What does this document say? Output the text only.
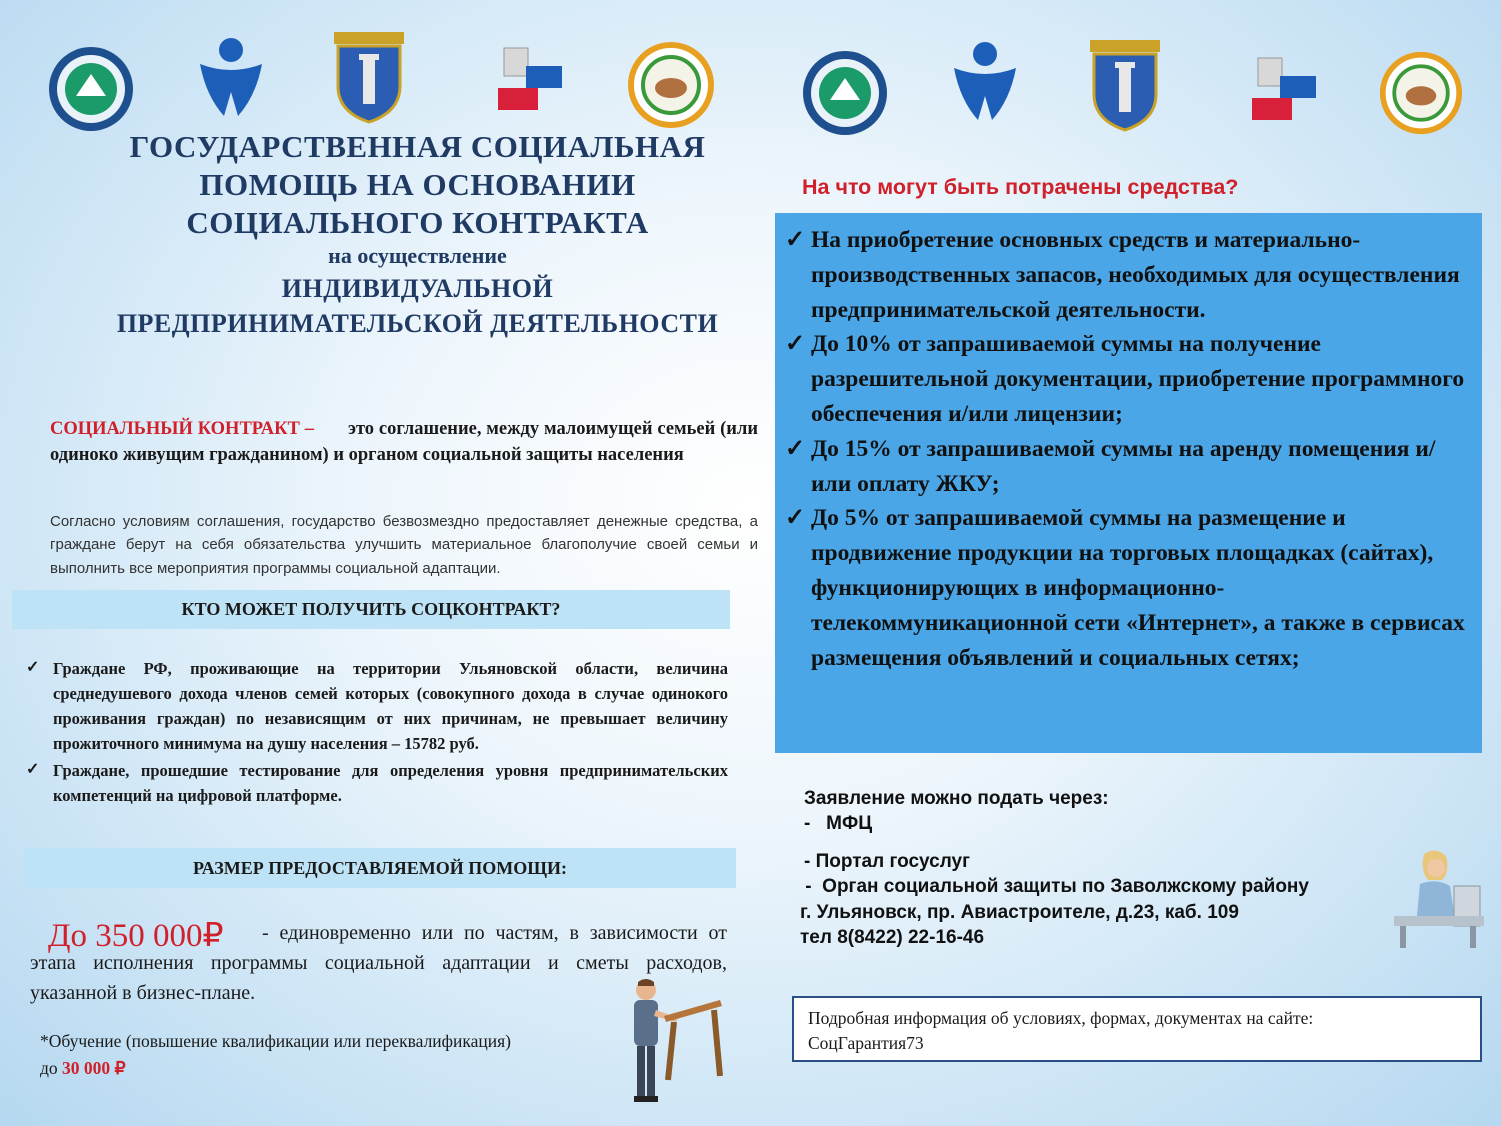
ГОСУДАРСТВЕННАЯ СОЦИАЛЬНАЯ
ПОМОЩЬ НА ОСНОВАНИИ
СОЦИАЛЬНОГО КОНТРАКТА
на осуществление
ИНДИВИДУАЛЬНОЙ
ПРЕДПРИНИМАТЕЛЬСКОЙ ДЕЯТЕЛЬНОСТИ
СОЦИАЛЬНЫЙ КОНТРАКТ – это соглашение, между малоимущей семьей (или одиноко живущим гражданином) и органом социальной защиты населения
Согласно условиям соглашения, государство безвозмездно предоставляет денежные средства, а граждане берут на себя обязательства улучшить материальное благополучие своей семьи и выполнить все мероприятия программы социальной адаптации.
КТО МОЖЕТ ПОЛУЧИТЬ СОЦКОНТРАКТ?
✓ Граждане РФ, проживающие на территории Ульяновской области, величина среднедушевого дохода членов семей которых (совокупного дохода в случае одинокого проживания граждан) по независящим от них причинам, не превышает величину прожиточного минимума на душу населения – 15782 руб.
✓ Граждане, прошедшие тестирование для определения уровня предпринимательских компетенций на цифровой платформе.
РАЗМЕР ПРЕДОСТАВЛЯЕМОЙ ПОМОЩИ:
- единовременно или по частям, в зависимости от этапа исполнения программы социальной адаптации и сметы расходов, указанной в бизнес-плане.
До 350 000₽
*Обучение (повышение квалификации или переквалификация)
до 30 000 ₽
На что могут быть потрачены средства?
✓ На приобретение основных средств и материально-производственных запасов, необходимых для осуществления предпринимательской деятельности.
✓ До 10% от запрашиваемой суммы на получение разрешительной документации, приобретение программного обеспечения и/или лицензии;
✓ До 15% от запрашиваемой суммы на аренду помещения и/или оплату ЖКУ;
✓ До 5% от запрашиваемой суммы на размещение и продвижение продукции на торговых площадках (сайтах), функционирующих в информационно-телекоммуникационной сети «Интернет», а также в сервисах размещения объявлений и социальных сетях;
Заявление можно подать через:
-   МФЦ
- Портал госуслуг
-  Орган социальной защиты по Заволжскому району
г. Ульяновск, пр. Авиастроителе, д.23, каб. 109
тел 8(8422) 22-16-46
Подробная информация об условиях, формах, документах на сайте:
СоцГарантия73
